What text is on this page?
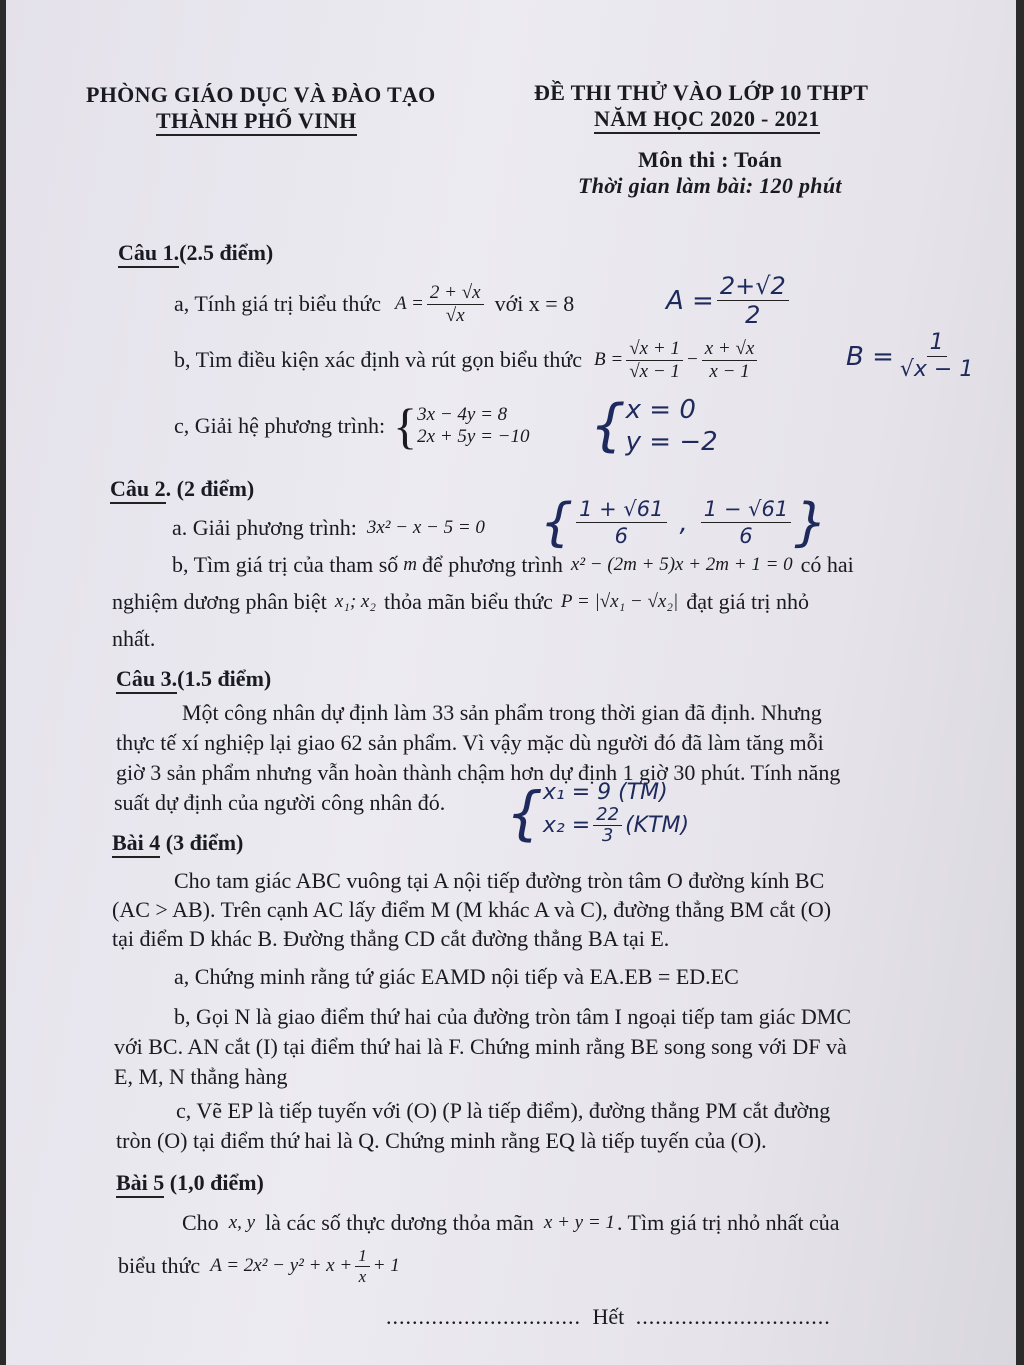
PHÒNG GIÁO DỤC VÀ ĐÀO TẠO
THÀNH PHỐ VINH
ĐỀ THI THỬ VÀO LỚP 10 THPT
NĂM HỌC 2020 - 2021
Môn thi : Toán
Thời gian làm bài: 120 phút
Câu 1.(2.5 điểm)
a, Tính giá trị biểu thức $A = \frac{2 + √x}{√x}$ với x = 8	$A = \frac{2+√2}{2}$
b, Tìm điều kiện xác định và rút gọn biểu thức $B = \frac{√x + 1}{√x - 1} - \frac{x + √x}{x - 1}$	$B = \frac{1}{√x - 1}$
c, Giải hệ phương trình: { 3x − 4y = 8
2x + 5y = −10 { x = 0
y = −2
Câu 2. (2 điểm)
a. Giải phương trình: 3x² − x − 5 = 0 { $\frac{1 + √61}{6}$ , $\frac{1 - √61}{6}$ }
b, Tìm giá trị của tham số m để phương trình x² − (2m + 5)x + 2m + 1 = 0 có hai
nghiệm dương phân biệt x₁; x₂ thỏa mãn biểu thức P = |√x₁ − √x₂| đạt giá trị nhỏ
nhất.
Câu 3.(1.5 điểm)
Một công nhân dự định làm 33 sản phẩm trong thời gian đã định. Nhưng
thực tế xí nghiệp lại giao 62 sản phẩm. Vì vậy mặc dù người đó đã làm tăng mỗi
giờ 3 sản phẩm nhưng vẫn hoàn thành chậm hơn dự định 1 giờ 30 phút. Tính năng
suất dự định của người công nhân đó. { x₁ = 9 (TM)
$x_2 = \frac{22}{3} (KTM)$
Bài 4 (3 điểm)
Cho tam giác ABC vuông tại A nội tiếp đường tròn tâm O đường kính BC
(AC > AB). Trên cạnh AC lấy điểm M (M khác A và C), đường thẳng BM cắt (O)
tại điểm D khác B. Đường thẳng CD cắt đường thẳng BA tại E.
a, Chứng minh rằng tứ giác EAMD nội tiếp và EA.EB = ED.EC
b, Gọi N là giao điểm thứ hai của đường tròn tâm I ngoại tiếp tam giác DMC
với BC. AN cắt (I) tại điểm thứ hai là F. Chứng minh rằng BE song song với DF và
E, M, N thẳng hàng
c, Vẽ EP là tiếp tuyến với (O) (P là tiếp điểm), đường thẳng PM cắt đường
tròn (O) tại điểm thứ hai là Q. Chứng minh rằng EQ là tiếp tuyến của (O).
Bài 5 (1,0 điểm)
Cho x, y là các số thực dương thỏa mãn x + y = 1 . Tìm giá trị nhỏ nhất của
biểu thức $A = 2x^2 - y^2 + x + \frac{1}{x} + 1$
.............................. Hết ..............................
